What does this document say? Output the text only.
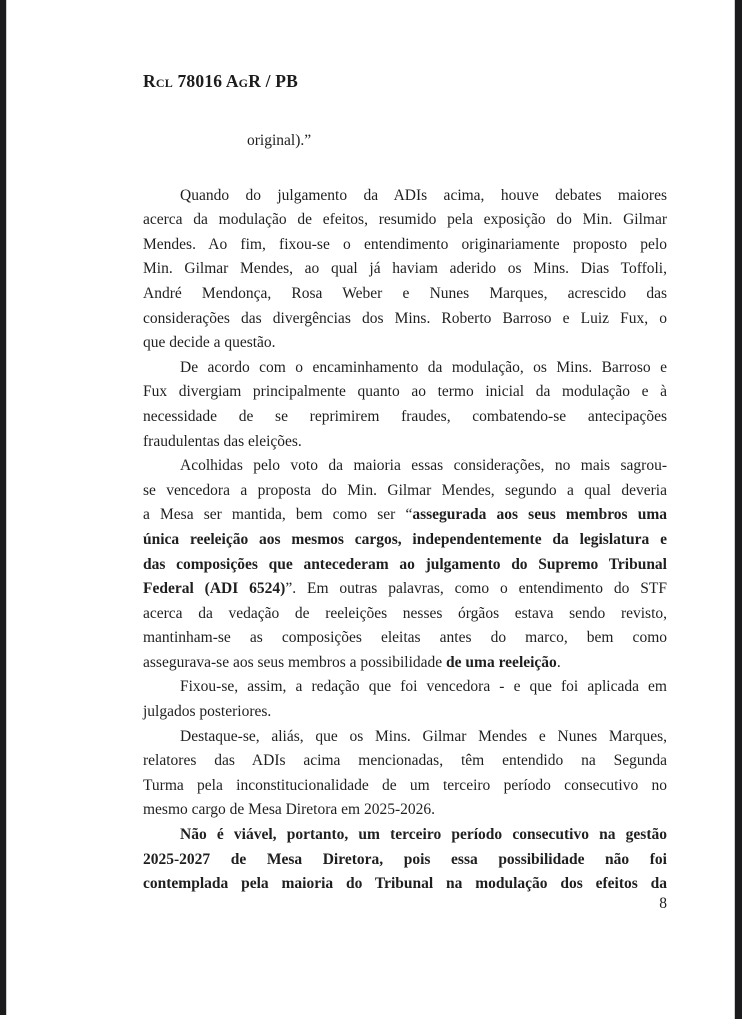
Rcl 78016 AgR / PB
original).”
Quando do julgamento da ADIs acima, houve debates maiores
acerca da modulação de efeitos, resumido pela exposição do Min. Gilmar
Mendes. Ao fim, fixou-se o entendimento originariamente proposto pelo
Min. Gilmar Mendes, ao qual já haviam aderido os Mins. Dias Toffoli,
André Mendonça, Rosa Weber e Nunes Marques, acrescido das
considerações das divergências dos Mins. Roberto Barroso e Luiz Fux, o
que decide a questão.
De acordo com o encaminhamento da modulação, os Mins. Barroso e
Fux divergiam principalmente quanto ao termo inicial da modulação e à
necessidade de se reprimirem fraudes, combatendo-se antecipações
fraudulentas das eleições.
Acolhidas pelo voto da maioria essas considerações, no mais sagrou-
se vencedora a proposta do Min. Gilmar Mendes, segundo a qual deveria
a Mesa ser mantida, bem como ser “assegurada aos seus membros uma
única reeleição aos mesmos cargos, independentemente da legislatura e
das composições que antecederam ao julgamento do Supremo Tribunal
Federal (ADI 6524)”. Em outras palavras, como o entendimento do STF
acerca da vedação de reeleições nesses órgãos estava sendo revisto,
mantinham-se as composições eleitas antes do marco, bem como
assegurava-se aos seus membros a possibilidade de uma reeleição.
Fixou-se, assim, a redação que foi vencedora - e que foi aplicada em
julgados posteriores.
Destaque-se, aliás, que os Mins. Gilmar Mendes e Nunes Marques,
relatores das ADIs acima mencionadas, têm entendido na Segunda
Turma pela inconstitucionalidade de um terceiro período consecutivo no
mesmo cargo de Mesa Diretora em 2025-2026.
Não é viável, portanto, um terceiro período consecutivo na gestão
2025-2027 de Mesa Diretora, pois essa possibilidade não foi
contemplada pela maioria do Tribunal na modulação dos efeitos da
8
